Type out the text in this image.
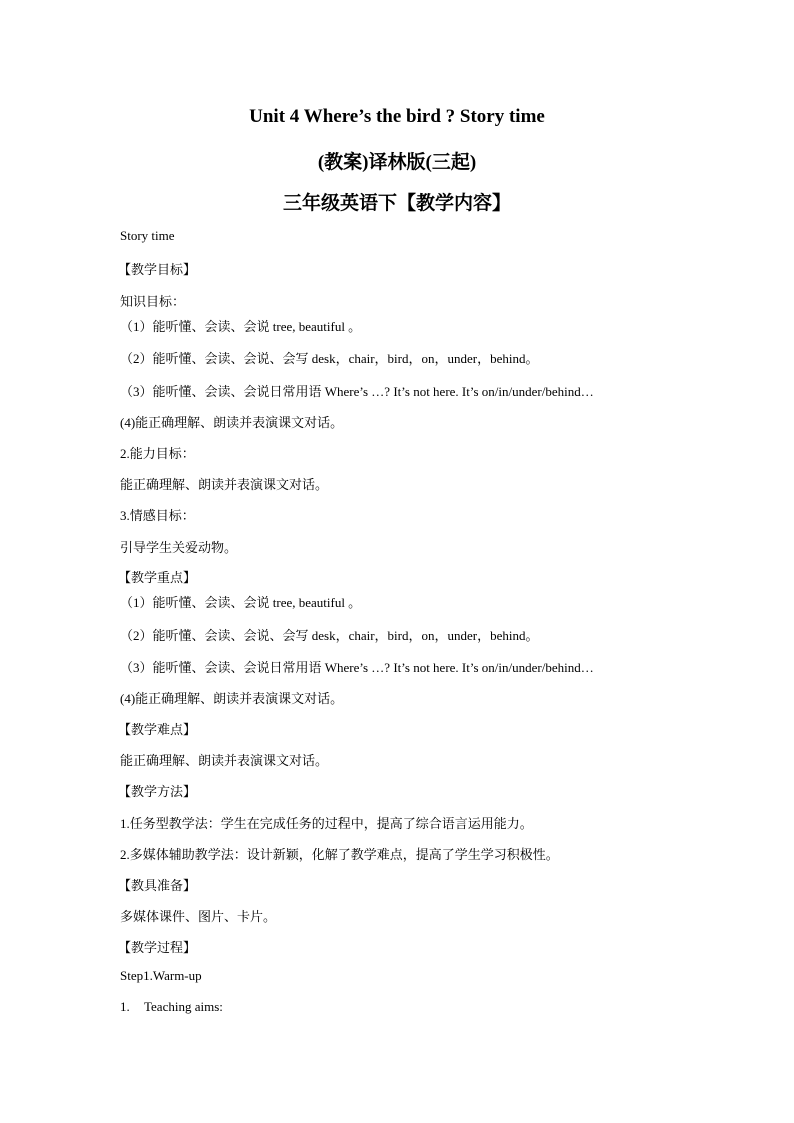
Unit 4 Where’s the bird ? Story time
(教案)译林版(三起)
三年级英语下【教学内容】
Story time
【教学目标】
知识目标：
（1）能听懂、会读、会说 tree, beautiful 。
（2）能听懂、会读、会说、会写 desk，chair，bird，on，under，behind。
（3）能听懂、会读、会说日常用语 Where’s …? It’s not here. It’s on/in/under/behind…
(4)能正确理解、朗读并表演课文对话。
2.能力目标：
能正确理解、朗读并表演课文对话。
3.情感目标：
引导学生关爱动物。
【教学重点】
（1）能听懂、会读、会说 tree, beautiful 。
（2）能听懂、会读、会说、会写 desk，chair，bird，on，under，behind。
（3）能听懂、会读、会说日常用语 Where’s …? It’s not here. It’s on/in/under/behind…
(4)能正确理解、朗读并表演课文对话。
【教学难点】
能正确理解、朗读并表演课文对话。
【教学方法】
1.任务型教学法：学生在完成任务的过程中，提高了综合语言运用能力。
2.多媒体辅助教学法：设计新颖，化解了教学难点，提高了学生学习积极性。
【教具准备】
多媒体课件、图片、卡片。
【教学过程】
Step1.Warm-up
1. Teaching aims:
